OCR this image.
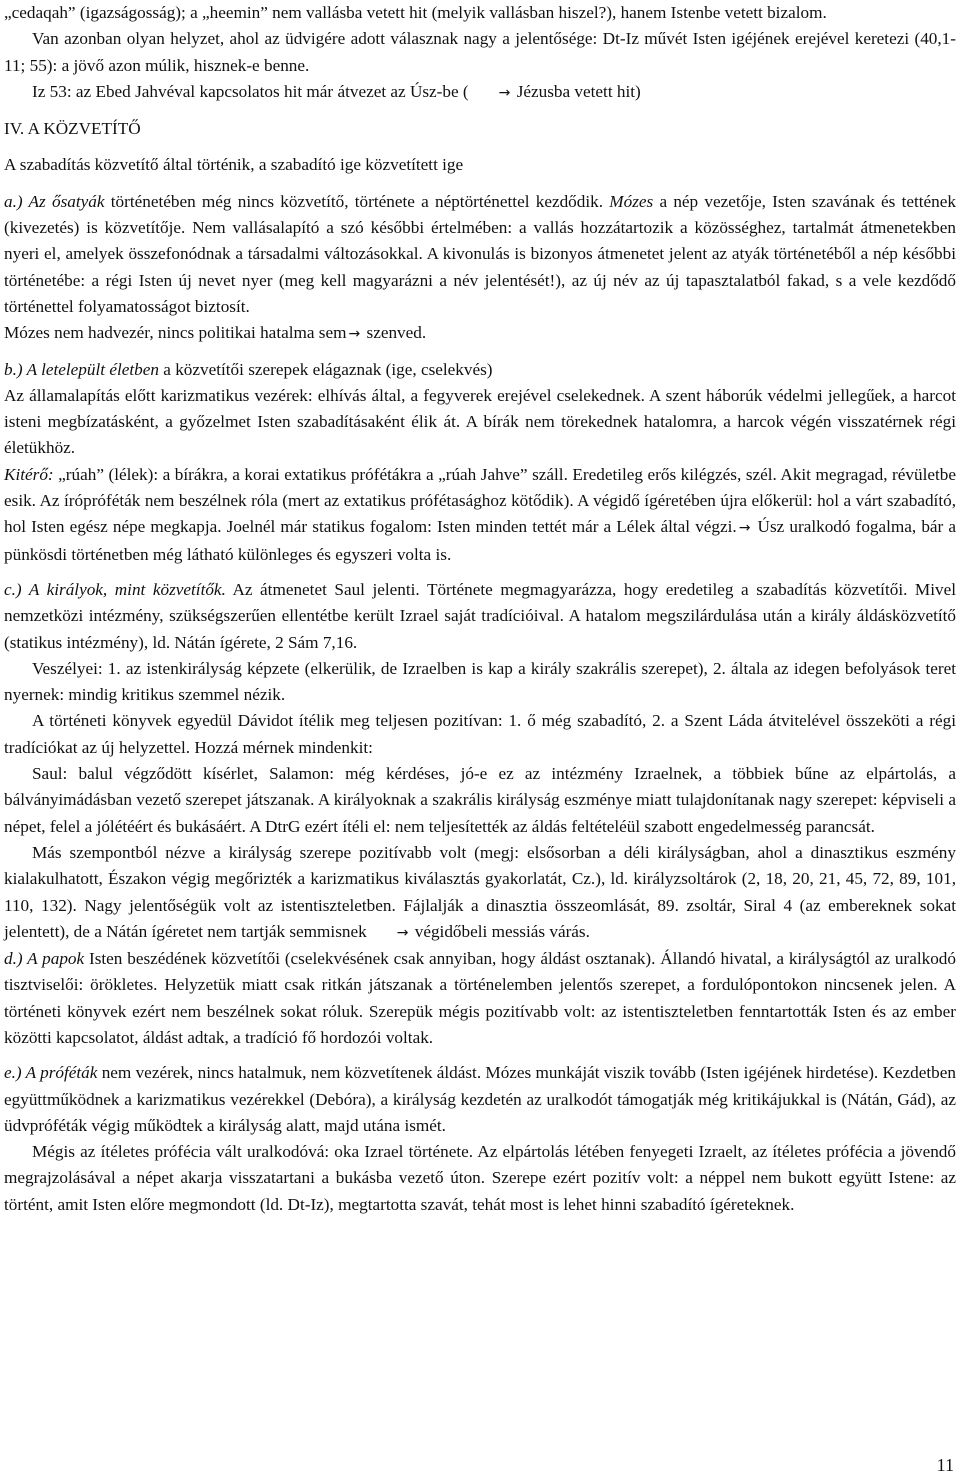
„cedaqah” (igazságosság); a „heemin” nem vallásba vetett hit (melyik vallásban hiszel?), hanem Istenbe vetett bizalom.

Van azonban olyan helyzet, ahol az üdvigére adott válasznak nagy a jelentősége: Dt-Iz művét Isten igéjének erejével keretezi (40,1-11; 55): a jövő azon múlik, hisznek-e benne.

Iz 53: az Ebed Jahvéval kapcsolatos hit már átvezet az Úsz-be ( → Jézusba vetett hit)

IV. A KÖZVETÍTŐ

A szabadítás közvetítő által történik, a szabadító ige közvetített ige

a.) Az ősatyák történetében még nincs közvetítő, története a néptörténettel kezdődik. Mózes a nép vezetője, Isten szavának és tettének (kivezetés) is közvetítője. Nem vallásalapító a szó későbbi értelmében: a vallás hozzátartozik a közösséghez, tartalmát átmenetekben nyeri el, amelyek összefonódnak a társadalmi változásokkal. A kivonulás is bizonyos átmenetet jelent az atyák történetéből a nép későbbi történetébe: a régi Isten új nevet nyer (meg kell magyarázni a név jelentését!), az új név az új tapasztalatból fakad, s a vele kezdődő történettel folyamatosságot biztosít.

Mózes nem hadvezér, nincs politikai hatalma sem → szenved.

b.) A letelepült életben a közvetítői szerepek elágaznak (ige, cselekvés)

Az államalapítás előtt karizmatikus vezérek: elhívás által, a fegyverek erejével cselekednek. A szent háborúk védelmi jellegűek, a harcot isteni megbízatásként, a győzelmet Isten szabadításaként élik át. A bírák nem törekednek hatalomra, a harcok végén visszatérnek régi életükhöz.

Kitérő: „rúah” (lélek): a bírákra, a korai extatikus prófétákra a „rúah Jahve” száll. Eredetileg erős kilégzés, szél. Akit megragad, révületbe esik. Az írópróféták nem beszélnek róla (mert az extatikus prófétasághoz kötődik). A végidő ígéretében újra előkerül: hol a várt szabadító, hol Isten egész népe megkapja. Joelnél már statikus fogalom: Isten minden tettét már a Lélek által végzi. → Úsz uralkodó fogalma, bár a pünkösdi történetben még látható különleges és egyszeri volta is.

c.) A királyok, mint közvetítők. Az átmenetet Saul jelenti. Története megmagyarázza, hogy eredetileg a szabadítás közvetítői. Mivel nemzetközi intézmény, szükségszerűen ellentétbe került Izrael saját tradícióival. A hatalom megszilárdulása után a király áldásközvetítő (statikus intézmény), ld. Nátán ígérete, 2 Sám 7,16.

Veszélyei: 1. az istenkirályság képzete (elkerülik, de Izraelben is kap a király szakrális szerepet), 2. általa az idegen befolyások teret nyernek: mindig kritikus szemmel nézik.

A történeti könyvek egyedül Dávidot ítélik meg teljesen pozitívan: 1. ő még szabadító, 2. a Szent Láda átvitelével összeköti a régi tradíciókat az új helyzettel. Hozzá mérnek mindenkit:

Saul: balul végződött kísérlet, Salamon: még kérdéses, jó-e ez az intézmény Izraelnek, a többiek bűne az elpártolás, a bálványimádásban vezető szerepet játszanak. A királyoknak a szakrális királyság eszménye miatt tulajdonítanak nagy szerepet: képviseli a népet, felel a jólétéért és bukásáért. A DtrG ezért ítéli el: nem teljesítették az áldás feltételéül szabott engedelmesség parancsát.

Más szempontból nézve a királyság szerepe pozitívabb volt (megj: elsősorban a déli királyságban, ahol a dinasztikus eszmény kialakulhatott, Északon végig megőrizték a karizmatikus kiválasztás gyakorlatát, Cz.), ld. királyzsoltárok (2, 18, 20, 21, 45, 72, 89, 101, 110, 132). Nagy jelentőségük volt az istentiszteletben. Fájlalják a dinasztia összeomlását, 89. zsoltár, Siral 4 (az embereknek sokat jelentett), de a Nátán ígéretet nem tartják semmisnek → végidőbeli messiás várás.

d.) A papok Isten beszédének közvetítői (cselekvésének csak annyiban, hogy áldást osztanak). Állandó hivatal, a királyságtól az uralkodó tisztviselői: örökletes. Helyzetük miatt csak ritkán játszanak a történelemben jelentős szerepet, a fordulópontokon nincsenek jelen. A történeti könyvek ezért nem beszélnek sokat róluk. Szerepük mégis pozitívabb volt: az istentiszteletben fenntartották Isten és az ember közötti kapcsolatot, áldást adtak, a tradíció fő hordozói voltak.

e.) A próféták nem vezérek, nincs hatalmuk, nem közvetítenek áldást. Mózes munkáját viszik tovább (Isten igéjének hirdetése). Kezdetben együttműködnek a karizmatikus vezérekkel (Debóra), a királyság kezdetén az uralkodót támogatják még kritikájukkal is (Nátán, Gád), az üdvpróféták végig működtek a királyság alatt, majd utána ismét.

Mégis az ítéletes prófécia vált uralkodóvá: oka Izrael története. Az elpártolás létében fenyegeti Izraelt, az ítéletes prófécia a jövendő megrajzolásával a népet akarja visszatartani a bukásba vezető úton. Szerepe ezért pozitív volt: a néppel nem bukott együtt Istene: az történt, amit Isten előre megmondott (ld. Dt-Iz), megtartotta szavát, tehát most is lehet hinni szabadító ígéreteknek.

11
